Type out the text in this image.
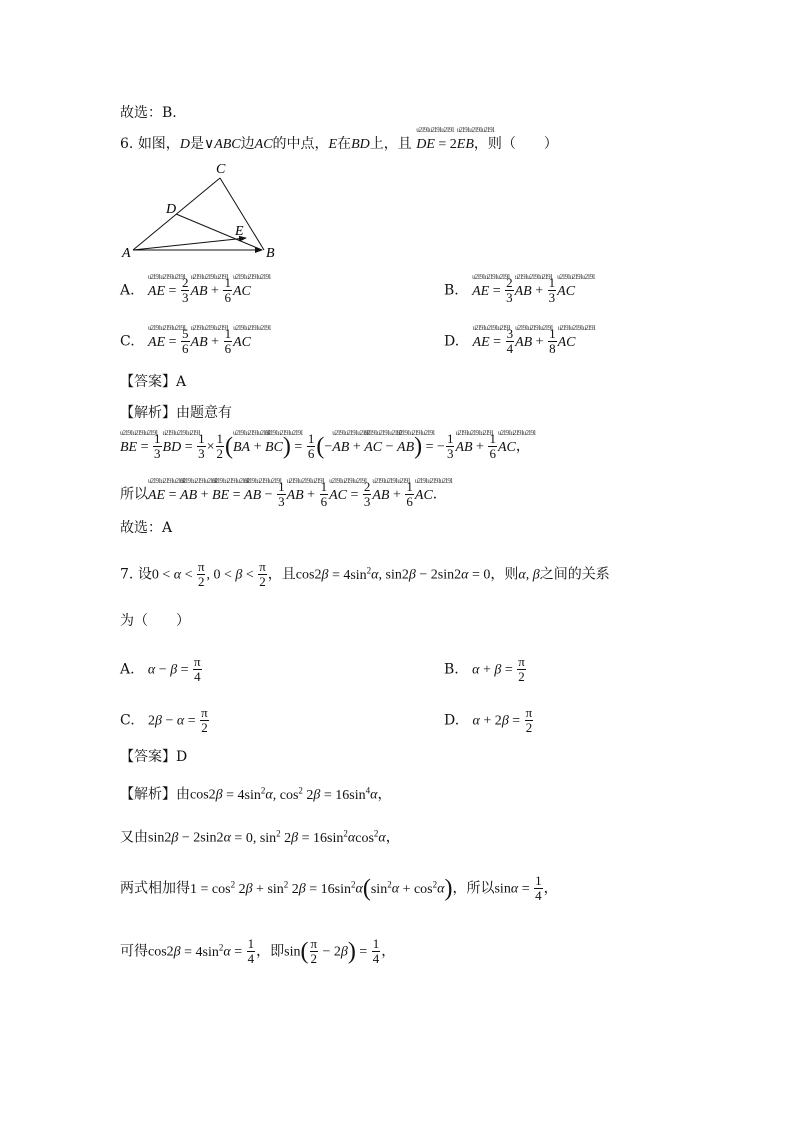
故选：B.
6. 如图，D是∨ABC边AC的中点，E在BD上，且 u2191u2191u2191 DE = 2u2191u2191u2191 EB，则（　　）
A	B
C
D
E
A.   u2191u2191u2191 AE = $\frac{2}{3}$
u2191u2191u2191 AB + $\frac{1}{6}$
u2191u2191u2191 AC	B.   u2191u2191u2191 AE = $\frac{2}{3}$
u2191u2191u2191 AB + $\frac{1}{3}$
u2191u2191u2191 AC
C.   u2191u2191u2191 AE = $\frac{5}{6}$
u2191u2191u2191 AB + $\frac{1}{6}$
u2191u2191u2191 AC	D.   u2191u2191u2191 AE = $\frac{3}{4}$
u2191u2191u2191 AB + $\frac{1}{8}$
u2191u2191u2191 AC
【答案】A
【解析】由题意有
u2191u2191u2191 BE = $\frac{1}{3}$
u2191u2191u2191 BD = $\frac{1}{3} \times \frac{1}{2} (u2191u2191u2191$ BA + u2191u2191u2191 $BC) = \frac{1}{6} (-u2191u2191u2191$ AB + u2191u2191u2191 AC − u2191u2191u2191 AB) = − $\frac{1}{3}$
u2191u2191u2191 AB + $\frac{1}{6}$
u2191u2191u2191 AC，
所以u2191u2191u2191 AE = u2191u2191u2191 AB + u2191u2191u2191 BE = u2191u2191u2191 AB − $\frac{1}{3}$
u2191u2191u2191 AB + $\frac{1}{6}$
u2191u2191u2191 AC = $\frac{2}{3}$
u2191u2191u2191 AB + $\frac{1}{6}$
u2191u2191u2191 AC．
故选：A
7. 设$0 < \alpha < \frac{\pi}{2}$ , $0 < \beta < \frac{\pi}{2}$ ，且$\cos 2\beta = 4\sin^2\alpha$, sin2β − 2sin2α = 0，则α, β之间的关系
为（　　）
A. $\alpha - \beta = \frac{\pi}{4}$	B. $\alpha + \beta = \frac{\pi}{2}$
C. $2\beta - \alpha = \frac{\pi}{2}$	D. $\alpha + 2\beta = \frac{\pi}{2}$
【答案】D
【解析】由$\cos 2\beta = 4\sin^2\alpha$, $\cos^2 2\beta = 16\sin^4\alpha$，
又由sin2β − 2sin2α = 0, $\sin^2 2\beta = 16\sin^2\alpha\cos^2\alpha$，
两式相加得$1 = \cos^2 2\beta + \sin^2 2\beta = 16\sin^2\alpha(\sin^2\alpha + \cos^2\alpha)$，所以$\sin\alpha = \frac{1}{4}$ ，
可得$\cos 2\beta = 4\sin^2\alpha = \frac{1}{4}$ ，即$\sin( \frac{\pi}{2} - 2\beta) = \frac{1}{4}$ ，
